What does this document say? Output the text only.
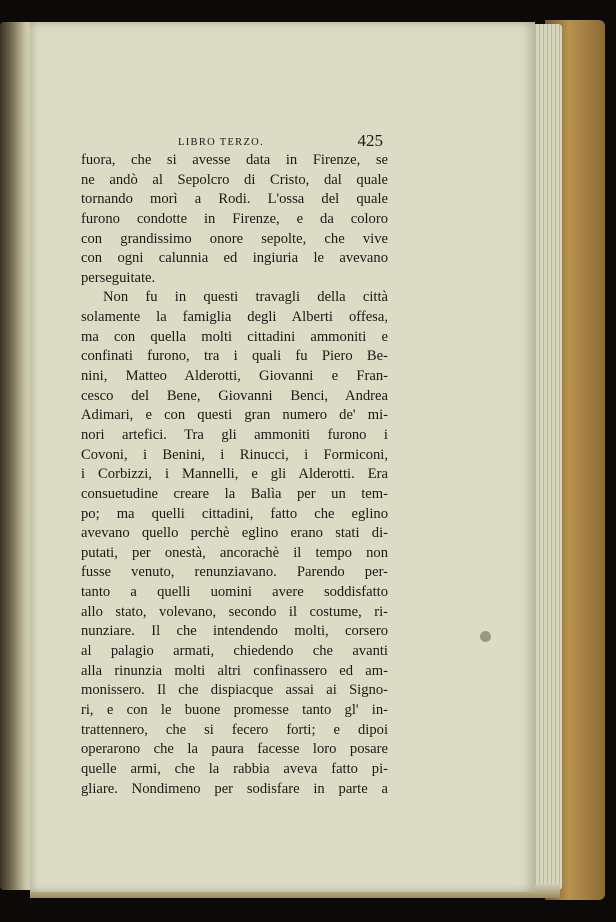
LIBRO TERZO.	425
fuora, che si avesse data in Firenze, se
ne andò al Sepolcro di Cristo, dal quale
tornando morì a Rodi. L'ossa del quale
furono condotte in Firenze, e da coloro
con grandissimo onore sepolte, che vive
con ogni calunnia ed ingiuria le avevano
perseguitate.
Non fu in questi travagli della città
solamente la famiglia degli Alberti offesa,
ma con quella molti cittadini ammoniti e
confinati furono, tra i quali fu Piero Be-
nini, Matteo Alderotti, Giovanni e Fran-
cesco del Bene, Giovanni Benci, Andrea
Adimari, e con questi gran numero de' mi-
nori artefici. Tra gli ammoniti furono i
Covoni, i Benini, i Rinucci, i Formiconi,
i Corbizzi, i Mannelli, e gli Alderotti. Era
consuetudine creare la Balìa per un tem-
po; ma quelli cittadini, fatto che eglino
avevano quello perchè eglino erano stati di-
putati, per onestà, ancorachè il tempo non
fusse venuto, renunziavano. Parendo per-
tanto a quelli uomini avere soddisfatto
allo stato, volevano, secondo il costume, ri-
nunziare. Il che intendendo molti, corsero
al palagio armati, chiedendo che avanti
alla rinunzia molti altri confinassero ed am-
monissero. Il che dispiacque assai ai Signo-
ri, e con le buone promesse tanto gl' in-
trattennero, che si fecero forti; e dipoi
operarono che la paura facesse loro posare
quelle armi, che la rabbia aveva fatto pi-
gliare. Nondimeno per sodisfare in parte a
